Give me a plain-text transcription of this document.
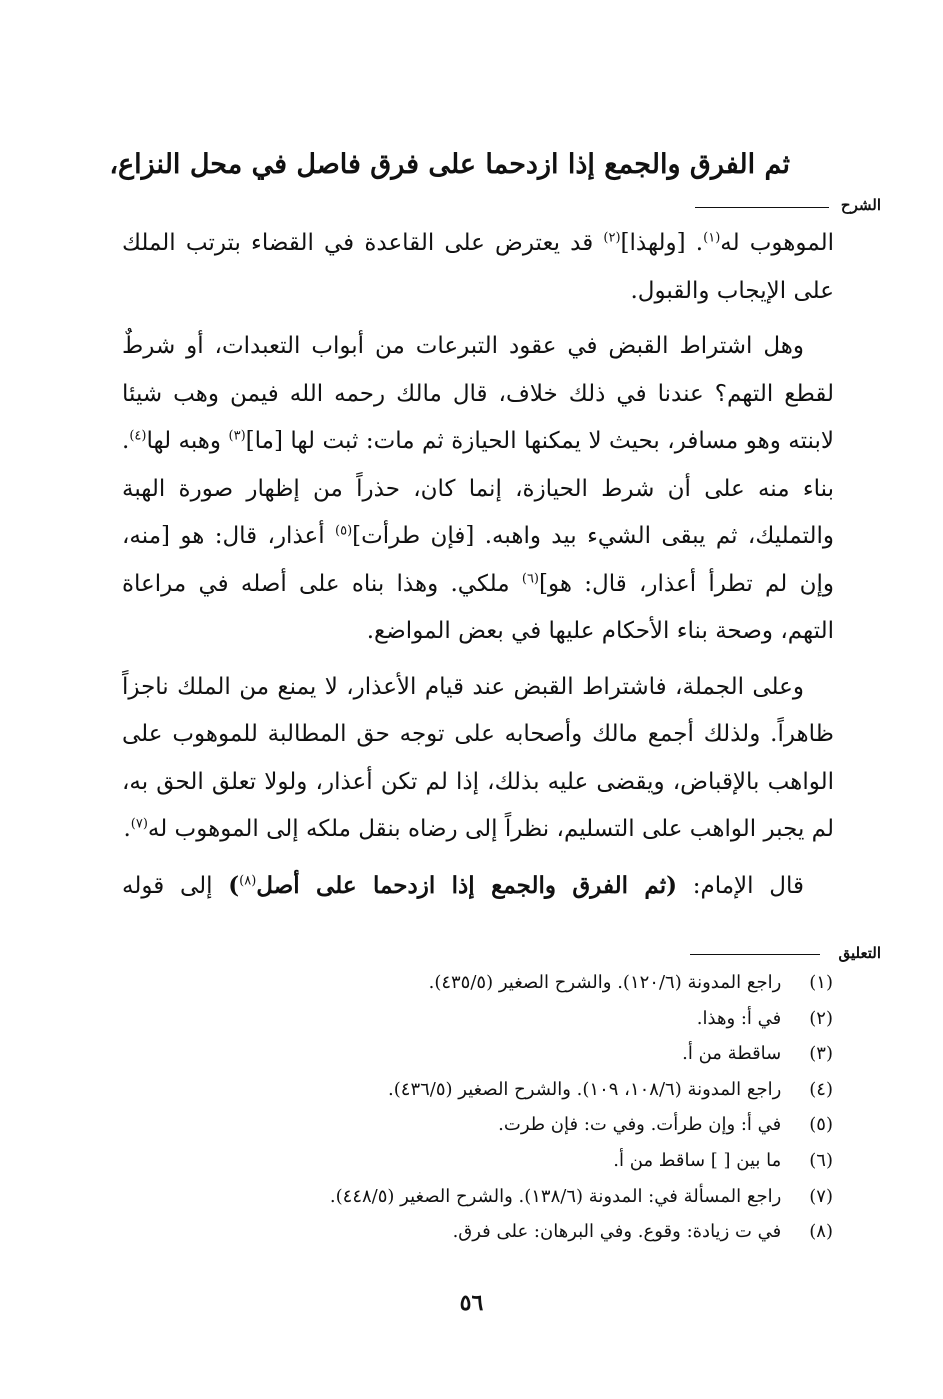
ثم الفرق والجمع إذا ازدحما على فرق فاصل في محل النزاع،
الشرح

الموهوب له$^{(١)}$. [ولهذا]$^{(٢)}$ قد يعترض على القاعدة في القضاء بترتب الملك على الإيجاب والقبول.

وهل اشتراط القبض في عقود التبرعات من أبواب التعبدات، أو شرطٌ لقطع التهم؟ عندنا في ذلك خلاف، قال مالك رحمه الله فيمن وهب شيئا لابنته وهو مسافر، بحيث لا يمكنها الحيازة ثم مات: ثبت لها [ما]$^{(٣)}$ وهبه لها$^{(٤)}$. بناء منه على أن شرط الحيازة، إنما كان، حذراً من إظهار صورة الهبة والتمليك، ثم يبقى الشيء بيد واهبه. [فإن طرأت]$^{(٥)}$ أعذار، قال: هو [منه، وإن لم تطرأ أعذار، قال: هو]$^{(٦)}$ ملكي. وهذا بناه على أصله في مراعاة التهم، وصحة بناء الأحكام عليها في بعض المواضع.

وعلى الجملة، فاشتراط القبض عند قيام الأعذار، لا يمنع من الملك ناجزاً ظاهراً. ولذلك أجمع مالك وأصحابه على توجه حق المطالبة للموهوب على الواهب بالإقباض، ويقضى عليه بذلك، إذا لم تكن أعذار، ولولا تعلق الحق به، لم يجبر الواهب على التسليم، نظراً إلى رضاه بنقل ملكه إلى الموهوب له$^{(٧)}$.

قال الإمام: (ثم الفرق والجمع إذا ازدحما على أصل$^{(٨)}$) إلى قوله

التعليق
(١) راجع المدونة (١٢٠/٦). والشرح الصغير (٤٣٥/٥).
(٢) في أ: وهذا.
(٣) ساقطة من أ.
(٤) راجع المدونة (١٠٨/٦، ١٠٩). والشرح الصغير (٤٣٦/٥).
(٥) في أ: وإن طرأت. وفي ت: فإن طرت.
(٦) ما بين [ ] ساقط من أ.
(٧) راجع المسألة في: المدونة (١٣٨/٦). والشرح الصغير (٤٤٨/٥).
(٨) في ت زيادة: وقوع. وفي البرهان: على فرق.
٥٦
